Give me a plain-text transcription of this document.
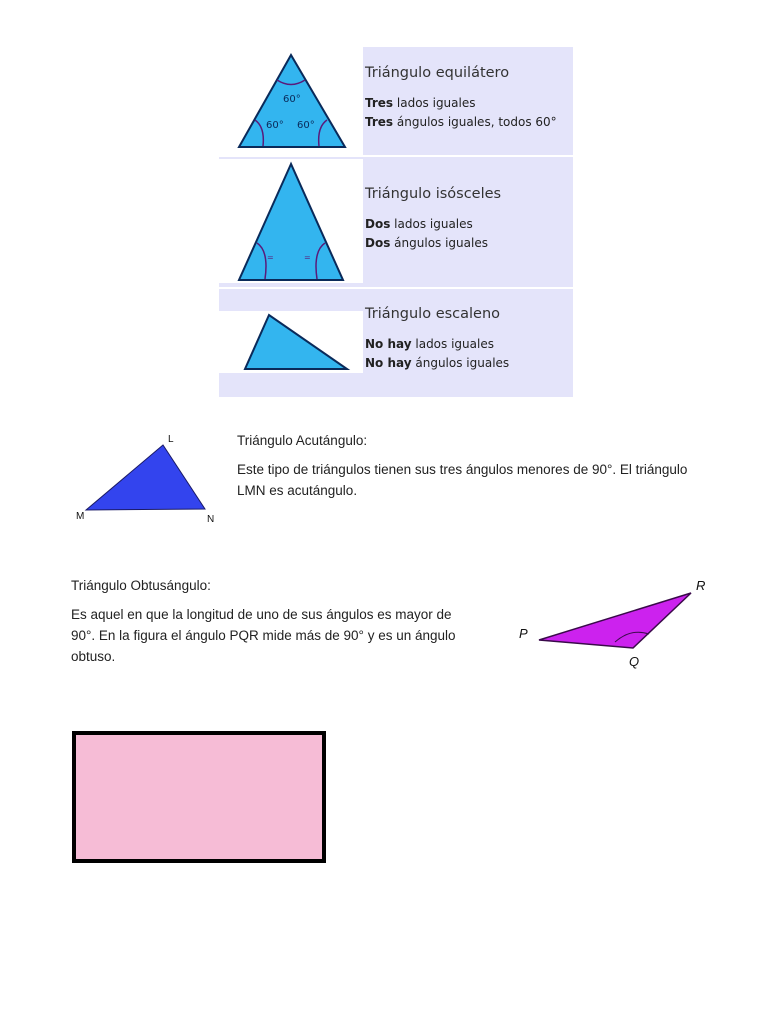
60°
60° 60°

Triángulo equilátero

Tres lados iguales
Tres ángulos iguales, todos 60°
=	=

Triángulo isósceles

Dos lados iguales
Dos ángulos iguales

Triángulo escaleno

No hay lados iguales
No hay ángulos iguales
L
M	N
Triángulo Acutángulo:
Este tipo de triángulos tienen sus tres ángulos menores de 90°. El triángulo LMN es acutángulo.
Triángulo Obtusángulo:
Es aquel en que la longitud de uno de sus ángulos es mayor de 90°. En la figura el ángulo PQR mide más de 90° y es un ángulo obtuso.
P
Q
R
